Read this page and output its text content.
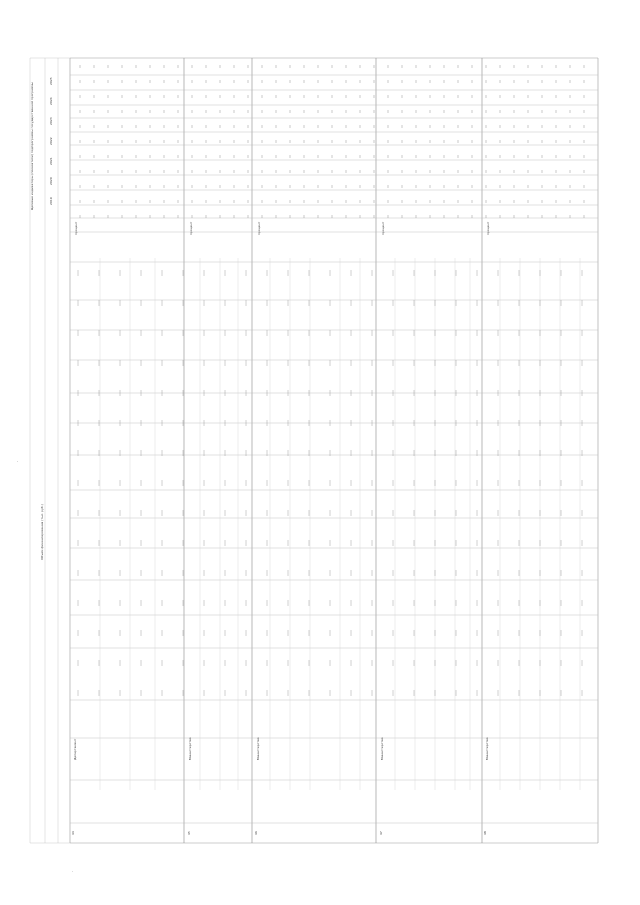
'
-
44	45	46	47	48
Департамент	Министерство	Министерство	Министерство	Министерство
процент	процент	процент	процент	процент
Целевые индикаторы (показатели) подпрограммы государственной программы
Объем финансирования (тыс. руб.)
2019
2020
2021
2022
2023
2024
2025
